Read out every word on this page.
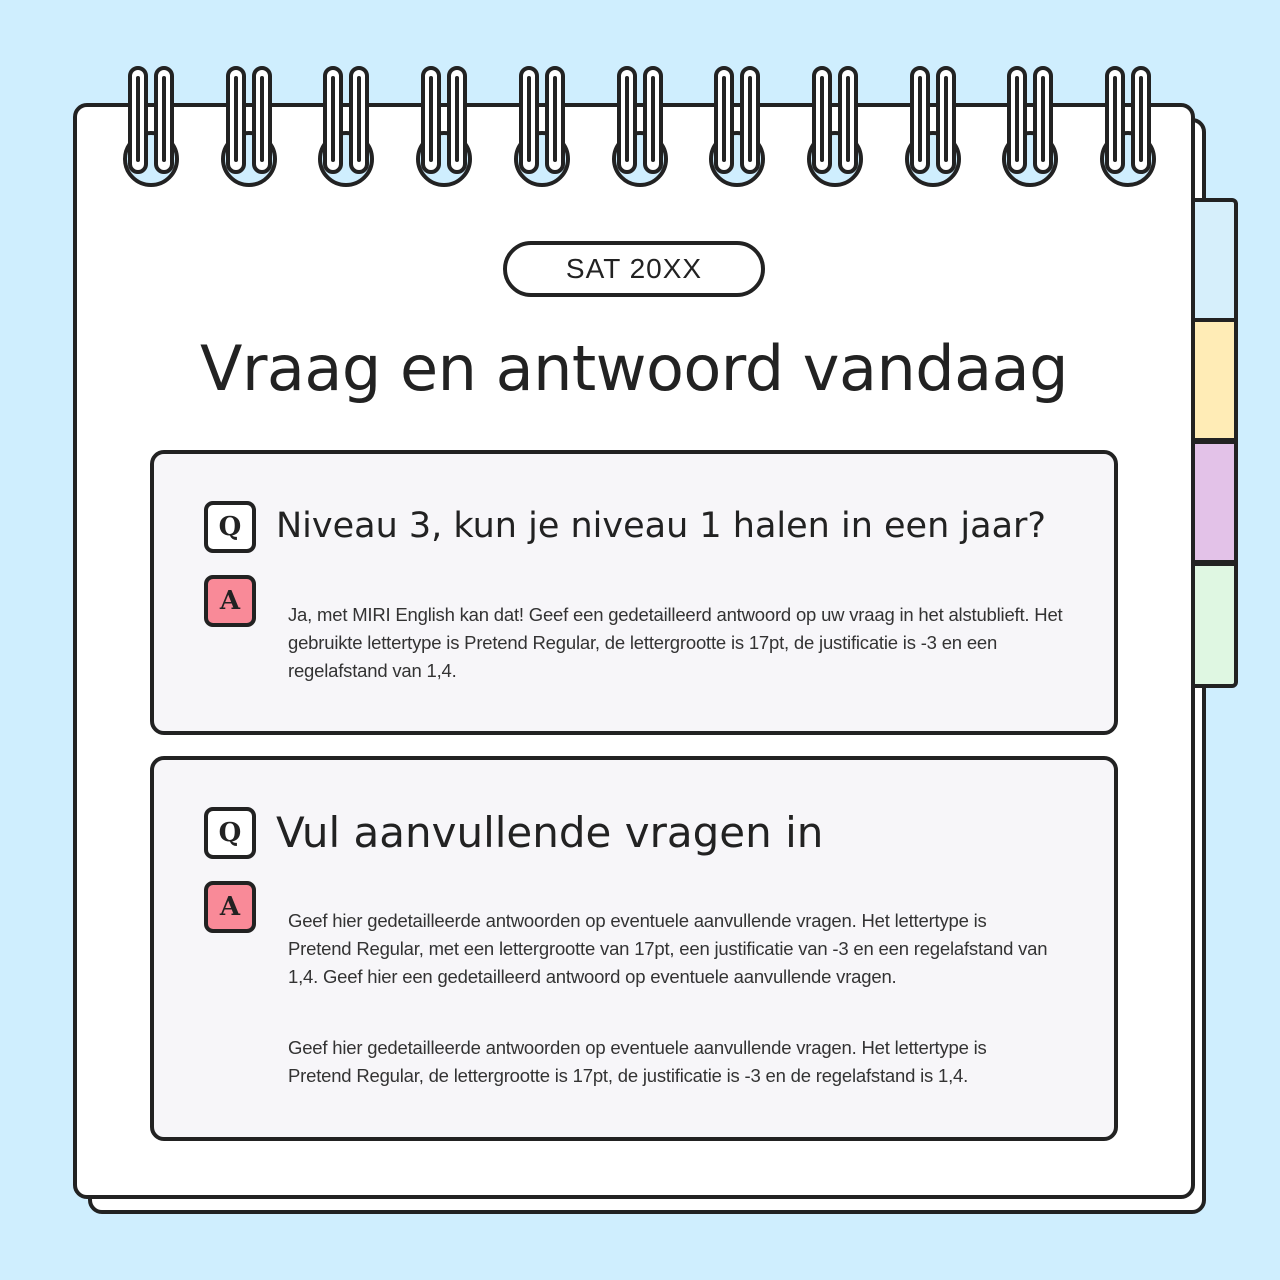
SAT 20XX
Vraag en antwoord vandaag
Q Niveau 3, kun je niveau 1 halen in een jaar?
A	Ja, met MIRI English kan dat! Geef een gedetailleerd antwoord op uw vraag in het alstublieft. Het gebruikte lettertype is Pretend Regular, de lettergrootte is 17pt, de justificatie is -3 en een regelafstand van 1,4.

Q Vul aanvullende vragen in
A	Geef hier gedetailleerde antwoorden op eventuele aanvullende vragen. Het lettertype is Pretend Regular, met een lettergrootte van 17pt, een justificatie van -3 en een regelafstand van 1,4. Geef hier een gedetailleerd antwoord op eventuele aanvullende vragen.

Geef hier gedetailleerde antwoorden op eventuele aanvullende vragen. Het lettertype is Pretend Regular, de lettergrootte is 17pt, de justificatie is -3 en de regelafstand is 1,4.
